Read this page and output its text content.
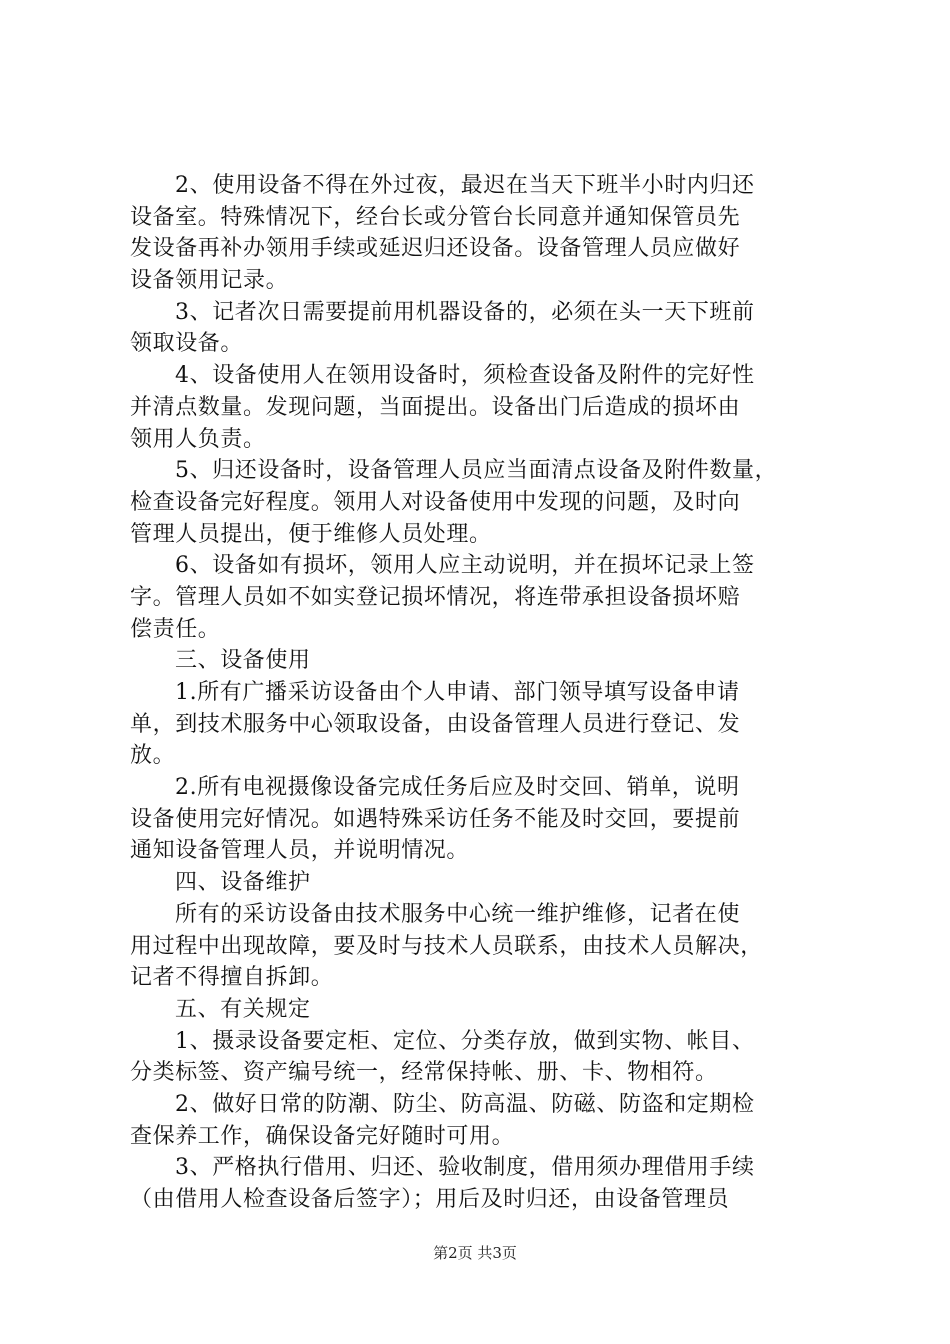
2、使用设备不得在外过夜，最迟在当天下班半小时内归还
设备室。特殊情况下，经台长或分管台长同意并通知保管员先
发设备再补办领用手续或延迟归还设备。设备管理人员应做好
设备领用记录。
3、记者次日需要提前用机器设备的，必须在头一天下班前
领取设备。
4、设备使用人在领用设备时，须检查设备及附件的完好性
并清点数量。发现问题，当面提出。设备出门后造成的损坏由
领用人负责。
5、归还设备时，设备管理人员应当面清点设备及附件数量，
检查设备完好程度。领用人对设备使用中发现的问题，及时向
管理人员提出，便于维修人员处理。
6、设备如有损坏，领用人应主动说明，并在损坏记录上签
字。管理人员如不如实登记损坏情况，将连带承担设备损坏赔
偿责任。
三、设备使用
1.所有广播采访设备由个人申请、部门领导填写设备申请
单，到技术服务中心领取设备，由设备管理人员进行登记、发
放。
2.所有电视摄像设备完成任务后应及时交回、销单，说明
设备使用完好情况。如遇特殊采访任务不能及时交回，要提前
通知设备管理人员，并说明情况。
四、设备维护
所有的采访设备由技术服务中心统一维护维修，记者在使
用过程中出现故障，要及时与技术人员联系，由技术人员解决，
记者不得擅自拆卸。
五、有关规定
1、摄录设备要定柜、定位、分类存放，做到实物、帐目、
分类标签、资产编号统一，经常保持帐、册、卡、物相符。
2、做好日常的防潮、防尘、防高温、防磁、防盗和定期检
查保养工作，确保设备完好随时可用。
3、严格执行借用、归还、验收制度，借用须办理借用手续
（由借用人检查设备后签字）；用后及时归还，由设备管理员
第2页 共3页
